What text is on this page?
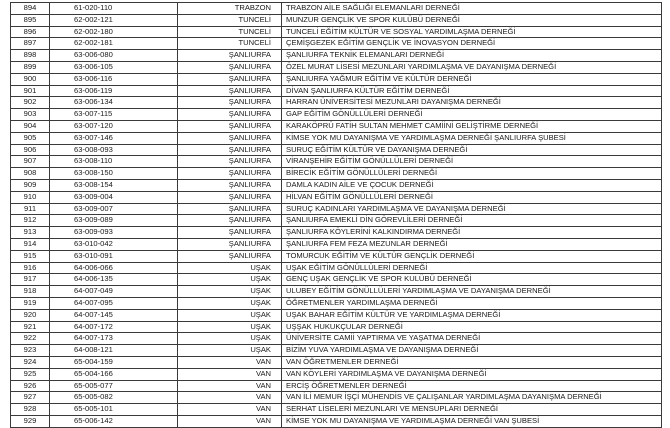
894	61-020-110	TRABZON	TRABZON AİLE SAĞLIĞI ELEMANLARI DERNEĞİ
895	62-002-121	TUNCELİ	MUNZUR GENÇLİK VE SPOR KULÜBÜ DERNEĞİ
896	62-002-180	TUNCELİ	TUNCELİ EĞİTİM KÜLTÜR VE SOSYAL YARDIMLAŞMA DERNEĞİ
897	62-002-181	TUNCELİ	ÇEMİŞGEZEK EĞİTİM GENÇLİK VE İNOVASYON DERNEĞİ
898	63-006-080	ŞANLIURFA	ŞANLIURFA TEKNİK ELEMANLARI DERNEĞİ
899	63-006-105	ŞANLIURFA	ÖZEL MURAT LİSESİ MEZUNLARI YARDIMLAŞMA VE DAYANIŞMA DERNEĞİ
900	63-006-116	ŞANLIURFA	ŞANLIURFA YAĞMUR EĞİTİM VE KÜLTÜR DERNEĞİ
901	63-006-119	ŞANLIURFA	DİVAN ŞANLIURFA KÜLTÜR EĞİTİM DERNEĞİ
902	63-006-134	ŞANLIURFA	HARRAN ÜNİVERSİTESİ MEZUNLARI DAYANIŞMA DERNEĞİ
903	63-007-115	ŞANLIURFA	GAP EĞİTİM GÖNÜLLÜLERİ DERNEĞİ
904	63-007-120	ŞANLIURFA	KARAKÖPRÜ FATİH SULTAN MEHMET CAMİİNİ GELİŞTİRME DERNEĞİ
905	63-007-146	ŞANLIURFA	KİMSE YOK MU DAYANIŞMA VE YARDIMLAŞMA DERNEĞİ ŞANLIURFA ŞUBESİ
906	63-008-093	ŞANLIURFA	SURUÇ EĞİTİM KÜLTÜR VE DAYANIŞMA DERNEĞİ
907	63-008-110	ŞANLIURFA	VİRANŞEHİR EĞİTİM GÖNÜLLÜLERİ DERNEĞİ
908	63-008-150	ŞANLIURFA	BİRECİK EĞİTİM GÖNÜLLÜLERİ DERNEĞİ
909	63-008-154	ŞANLIURFA	DAMLA KADIN AİLE VE ÇOCUK DERNEĞİ
910	63-009-004	ŞANLIURFA	HİLVAN EĞİTİM GÖNÜLLÜLERİ DERNEĞİ
911	63-009-007	ŞANLIURFA	SURUÇ KADINLARI YARDIMLAŞMA VE DAYANIŞMA DERNEĞİ
912	63-009-089	ŞANLIURFA	ŞANLIURFA EMEKLİ DİN GÖREVLİLERİ DERNEĞİ
913	63-009-093	ŞANLIURFA	ŞANLIURFA KÖYLERİNİ KALKINDIRMA DERNEĞİ
914	63-010-042	ŞANLIURFA	ŞANLIURFA FEM FEZA MEZUNLAR DERNEĞİ
915	63-010-091	ŞANLIURFA	TOMURCUK EĞİTİM VE KÜLTÜR GENÇLİK DERNEĞİ
916	64-006-066	UŞAK	UŞAK EĞİTİM GÖNÜLLÜLERİ DERNEĞİ
917	64-006-135	UŞAK	GENÇ UŞAK GENÇLİK VE SPOR KULÜBÜ DERNEĞİ
918	64-007-049	UŞAK	ULUBEY EĞİTİM GÖNÜLLÜLERİ YARDIMLAŞMA VE DAYANIŞMA DERNEĞİ
919	64-007-095	UŞAK	ÖĞRETMENLER YARDIMLAŞMA DERNEĞİ
920	64-007-145	UŞAK	UŞAK BAHAR EĞİTİM KÜLTÜR VE YARDIMLAŞMA DERNEĞİ
921	64-007-172	UŞAK	UŞŞAK HUKUKÇULAR DERNEĞİ
922	64-007-173	UŞAK	ÜNİVERSİTE CAMİİ YAPTIRMA VE YAŞATMA DERNEĞİ
923	64-008-121	UŞAK	BİZİM YUVA YARDIMLAŞMA VE DAYANIŞMA DERNEĞİ
924	65-004-159	VAN	VAN ÖĞRETMENLER DERNEĞİ
925	65-004-166	VAN	VAN KÖYLERİ YARDIMLAŞMA VE DAYANIŞMA DERNEĞİ
926	65-005-077	VAN	ERCİŞ ÖĞRETMENLER DERNEĞİ
927	65-005-082	VAN	VAN İLİ MEMUR İŞÇİ MÜHENDİS VE ÇALIŞANLAR YARDIMLAŞMA DAYANIŞMA DERNEĞİ
928	65-005-101	VAN	SERHAT LİSELERİ MEZUNLARI VE MENSUPLARI DERNEĞİ
929	65-006-142	VAN	KİMSE YOK MU DAYANIŞMA VE YARDIMLAŞMA DERNEĞİ VAN ŞUBESİ
